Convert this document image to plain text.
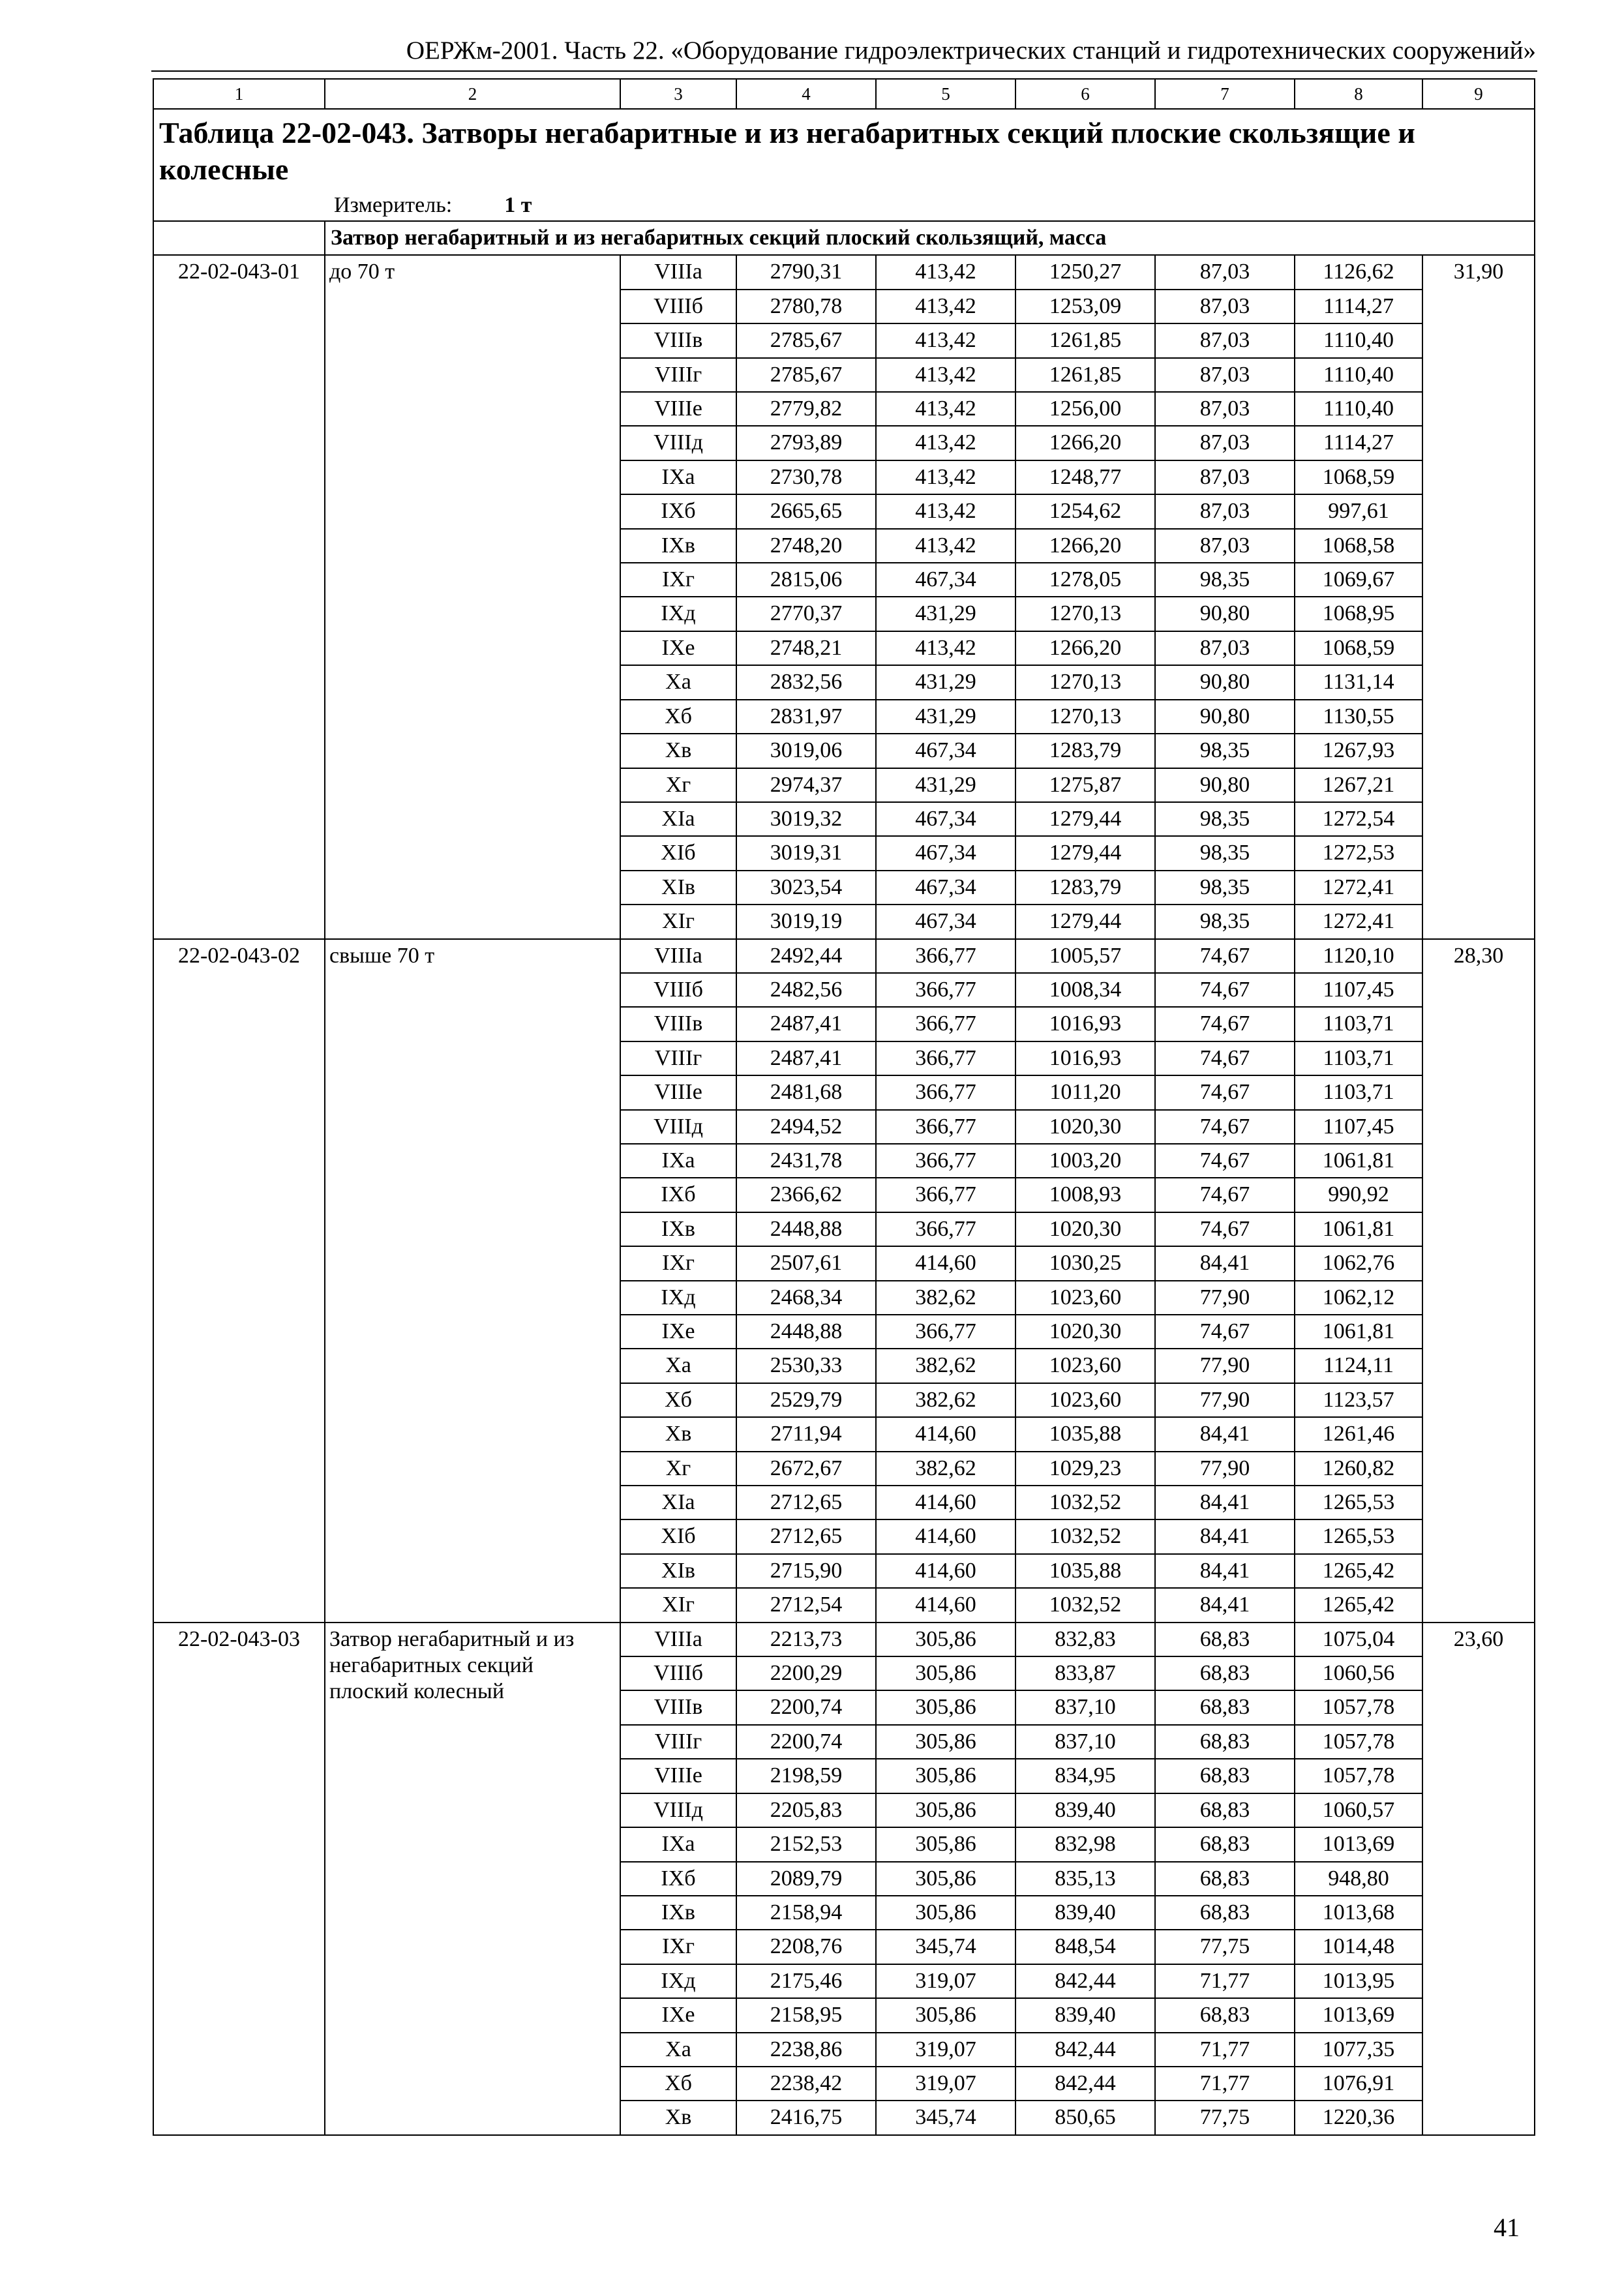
ОЕРЖм-2001. Часть 22. «Оборудование гидроэлектрических станций и гидротехнических сооружений»
1	2	3	4	5	6	7	8	9

Таблица 22-02-043. Затворы негабаритные и из негабаритных секций плоские скользящие и колесные
Измеритель: 1 т								

	Затвор негабаритный и из негабаритных секций плоский скользящий, масса							
22-02-043-01	до 70 т	VIIIа	2790,31	413,42	1250,27	87,03	1126,62	31,90
		VIIIб	2780,78	413,42	1253,09	87,03	1114,27	
		VIIIв	2785,67	413,42	1261,85	87,03	1110,40	
		VIIIг	2785,67	413,42	1261,85	87,03	1110,40	
		VIIIе	2779,82	413,42	1256,00	87,03	1110,40	
		VIIIд	2793,89	413,42	1266,20	87,03	1114,27	
		IXа	2730,78	413,42	1248,77	87,03	1068,59	
		IXб	2665,65	413,42	1254,62	87,03	997,61	
		IXв	2748,20	413,42	1266,20	87,03	1068,58	
		IXг	2815,06	467,34	1278,05	98,35	1069,67	
		IXд	2770,37	431,29	1270,13	90,80	1068,95	
		IXе	2748,21	413,42	1266,20	87,03	1068,59	
		Xа	2832,56	431,29	1270,13	90,80	1131,14	
		Xб	2831,97	431,29	1270,13	90,80	1130,55	
		Xв	3019,06	467,34	1283,79	98,35	1267,93	
		Xг	2974,37	431,29	1275,87	90,80	1267,21	
		XIа	3019,32	467,34	1279,44	98,35	1272,54	
		XIб	3019,31	467,34	1279,44	98,35	1272,53	
		XIв	3023,54	467,34	1283,79	98,35	1272,41	
		XIг	3019,19	467,34	1279,44	98,35	1272,41	
22-02-043-02	свыше 70 т	VIIIа	2492,44	366,77	1005,57	74,67	1120,10	28,30
		VIIIб	2482,56	366,77	1008,34	74,67	1107,45	
		VIIIв	2487,41	366,77	1016,93	74,67	1103,71	
		VIIIг	2487,41	366,77	1016,93	74,67	1103,71	
		VIIIе	2481,68	366,77	1011,20	74,67	1103,71	
		VIIIд	2494,52	366,77	1020,30	74,67	1107,45	
		IXа	2431,78	366,77	1003,20	74,67	1061,81	
		IXб	2366,62	366,77	1008,93	74,67	990,92	
		IXв	2448,88	366,77	1020,30	74,67	1061,81	
		IXг	2507,61	414,60	1030,25	84,41	1062,76	
		IXд	2468,34	382,62	1023,60	77,90	1062,12	
		IXе	2448,88	366,77	1020,30	74,67	1061,81	
		Xа	2530,33	382,62	1023,60	77,90	1124,11	
		Xб	2529,79	382,62	1023,60	77,90	1123,57	
		Xв	2711,94	414,60	1035,88	84,41	1261,46	
		Xг	2672,67	382,62	1029,23	77,90	1260,82	
		XIа	2712,65	414,60	1032,52	84,41	1265,53	
		XIб	2712,65	414,60	1032,52	84,41	1265,53	
		XIв	2715,90	414,60	1035,88	84,41	1265,42	
		XIг	2712,54	414,60	1032,52	84,41	1265,42	
22-02-043-03	Затвор негабаритный и из негабаритных секций плоский колесный	VIIIа	2213,73	305,86	832,83	68,83	1075,04	23,60
		VIIIб	2200,29	305,86	833,87	68,83	1060,56	
		VIIIв	2200,74	305,86	837,10	68,83	1057,78	
		VIIIг	2200,74	305,86	837,10	68,83	1057,78	
		VIIIе	2198,59	305,86	834,95	68,83	1057,78	
		VIIIд	2205,83	305,86	839,40	68,83	1060,57	
		IXа	2152,53	305,86	832,98	68,83	1013,69	
		IXб	2089,79	305,86	835,13	68,83	948,80	
		IXв	2158,94	305,86	839,40	68,83	1013,68	
		IXг	2208,76	345,74	848,54	77,75	1014,48	
		IXд	2175,46	319,07	842,44	71,77	1013,95	
		IXе	2158,95	305,86	839,40	68,83	1013,69	
		Xа	2238,86	319,07	842,44	71,77	1077,35	
		Xб	2238,42	319,07	842,44	71,77	1076,91	
		Xв	2416,75	345,74	850,65	77,75	1220,36	
41
